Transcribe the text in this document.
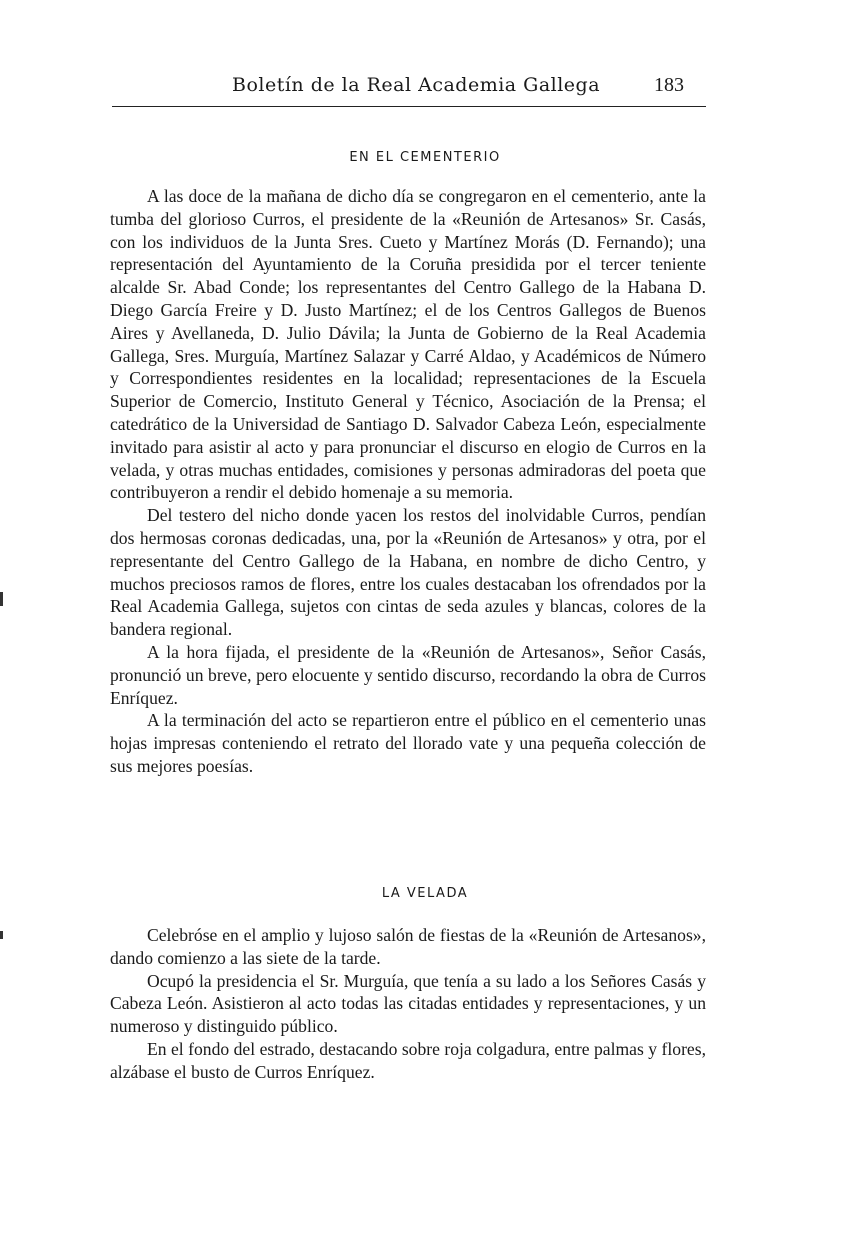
Boletín de la Real Academia Gallega	183
EN EL CEMENTERIO

A las doce de la mañana de dicho día se congregaron en el cementerio, ante la tumba del glorioso Curros, el presidente de la «Reunión de Artesanos» Sr. Casás, con los individuos de la Junta Sres. Cueto y Martínez Morás (D. Fernando); una representación del Ayuntamiento de la Coruña presidida por el tercer teniente alcalde Sr. Abad Conde; los representantes del Centro Gallego de la Habana D. Diego García Freire y D. Justo Martínez; el de los Centros Gallegos de Buenos Aires y Avellaneda, D. Julio Dávila; la Junta de Gobierno de la Real Academia Gallega, Sres. Murguía, Martínez Salazar y Carré Aldao, y Académicos de Número y Correspondientes residentes en la localidad; representaciones de la Escuela Superior de Comercio, Instituto General y Técnico, Asociación de la Prensa; el catedrático de la Universidad de Santiago D. Salvador Cabeza León, especialmente invitado para asistir al acto y para pronunciar el discurso en elogio de Curros en la velada, y otras muchas entidades, comisiones y personas admiradoras del poeta que contribuyeron a rendir el debido homenaje a su memoria.

Del testero del nicho donde yacen los restos del inolvidable Curros, pendían dos hermosas coronas dedicadas, una, por la «Reunión de Artesanos» y otra, por el representante del Centro Gallego de la Habana, en nombre de dicho Centro, y muchos preciosos ramos de flores, entre los cuales destacaban los ofrendados por la Real Academia Gallega, sujetos con cintas de seda azules y blancas, colores de la bandera regional.

A la hora fijada, el presidente de la «Reunión de Artesanos», Señor Casás, pronunció un breve, pero elocuente y sentido discurso, recordando la obra de Curros Enríquez.

A la terminación del acto se repartieron entre el público en el cementerio unas hojas impresas conteniendo el retrato del llorado vate y una pequeña colección de sus mejores poesías.

LA VELADA

Celebróse en el amplio y lujoso salón de fiestas de la «Reunión de Artesanos», dando comienzo a las siete de la tarde.

Ocupó la presidencia el Sr. Murguía, que tenía a su lado a los Señores Casás y Cabeza León. Asistieron al acto todas las citadas entidades y representaciones, y un numeroso y distinguido público.

En el fondo del estrado, destacando sobre roja colgadura, entre palmas y flores, alzábase el busto de Curros Enríquez.
